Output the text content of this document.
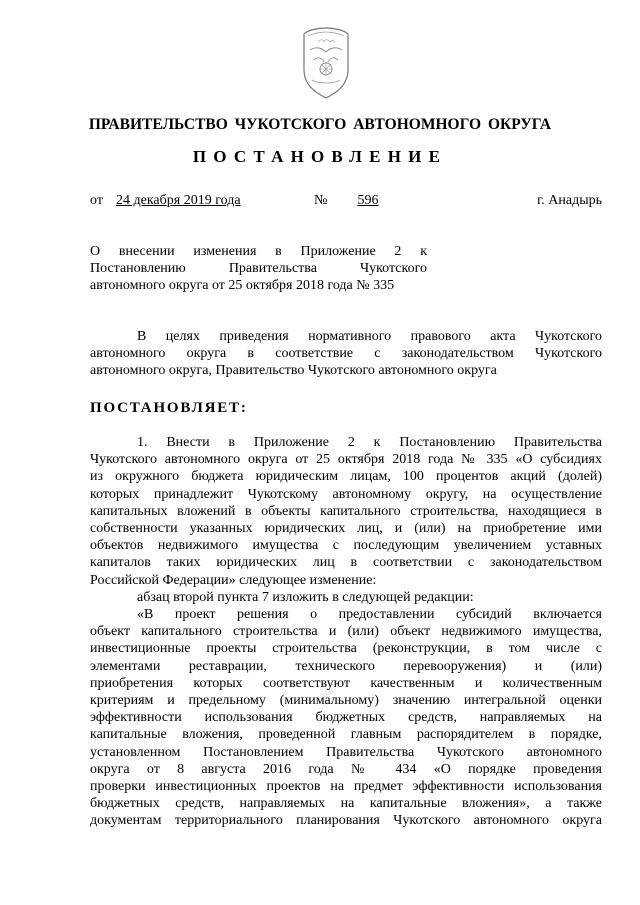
ПРАВИТЕЛЬСТВО ЧУКОТСКОГО АВТОНОМНОГО ОКРУГА
ПОСТАНОВЛЕНИЕ
от 24 декабря 2019 года	№	596	г. Анадырь
О внесении изменения в Приложение 2 к
Постановлению Правительства Чукотского
автономного округа от 25 октября 2018 года № 335
В целях приведения нормативного правового акта Чукотского
автономного округа в соответствие с законодательством Чукотского
автономного округа, Правительство Чукотского автономного округа
ПОСТАНОВЛЯЕТ:
1. Внести в Приложение 2 к Постановлению Правительства
Чукотского автономного округа от 25 октября 2018 года № 335 «О субсидиях
из окружного бюджета юридическим лицам, 100 процентов акций (долей)
которых принадлежит Чукотскому автономному округу, на осуществление
капитальных вложений в объекты капитального строительства, находящиеся в
собственности указанных юридических лиц, и (или) на приобретение ими
объектов недвижимого имущества с последующим увеличением уставных
капиталов таких юридических лиц в соответствии с законодательством
Российской Федерации» следующее изменение:
абзац второй пункта 7 изложить в следующей редакции:
«В проект решения о предоставлении субсидий включается
объект капитального строительства и (или) объект недвижимого имущества,
инвестиционные проекты строительства (реконструкции, в том числе с
элементами реставрации, технического перевооружения) и (или)
приобретения которых соответствуют качественным и количественным
критериям и предельному (минимальному) значению интегральной оценки
эффективности использования бюджетных средств, направляемых на
капитальные вложения, проведенной главным распорядителем в порядке,
установленном Постановлением Правительства Чукотского автономного
округа от 8 августа 2016 года № 434 «О порядке проведения
проверки инвестиционных проектов на предмет эффективности использования
бюджетных средств, направляемых на капитальные вложения», а также
документам территориального планирования Чукотского автономного округа
